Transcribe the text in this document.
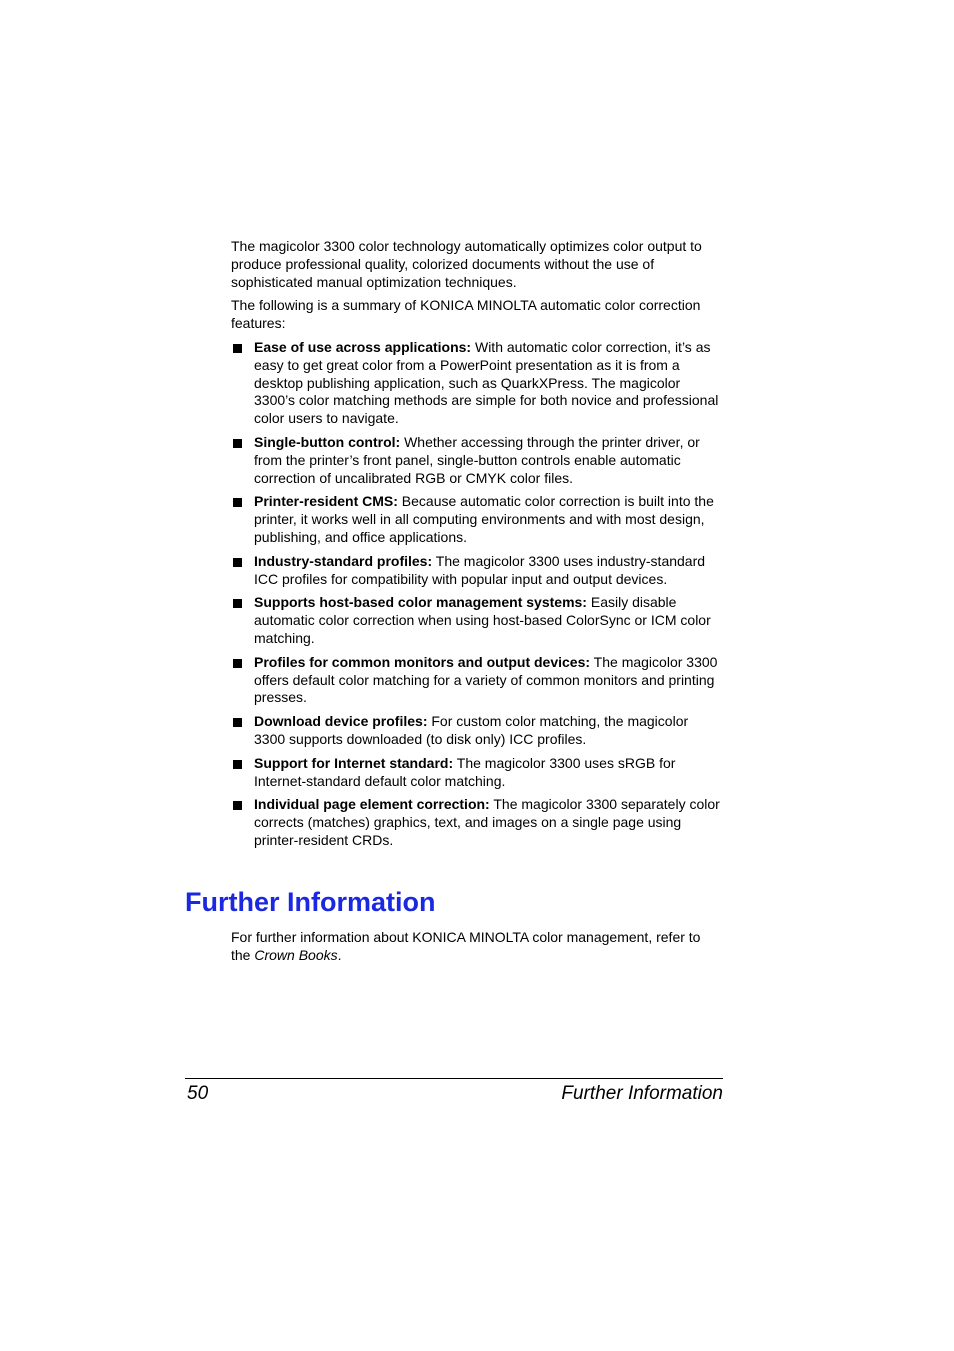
The magicolor 3300 color technology automatically optimizes color output to produce professional quality, colorized documents without the use of sophisticated manual optimization techniques.

The following is a summary of KONICA MINOLTA automatic color correction features:

Ease of use across applications: With automatic color correction, it’s as easy to get great color from a PowerPoint presentation as it is from a desktop publishing application, such as QuarkXPress. The magicolor 3300’s color matching methods are simple for both novice and professional color users to navigate.
Single-button control: Whether accessing through the printer driver, or from the printer’s front panel, single-button controls enable automatic correction of uncalibrated RGB or CMYK color files.
Printer-resident CMS: Because automatic color correction is built into the printer, it works well in all computing environments and with most design, publishing, and office applications.
Industry-standard profiles: The magicolor 3300 uses industry-standard ICC profiles for compatibility with popular input and output devices.
Supports host-based color management systems: Easily disable automatic color correction when using host-based ColorSync or ICM color matching.
Profiles for common monitors and output devices: The magicolor 3300 offers default color matching for a variety of common monitors and printing presses.
Download device profiles: For custom color matching, the magicolor 3300 supports downloaded (to disk only) ICC profiles.
Support for Internet standard: The magicolor 3300 uses sRGB for Internet-standard default color matching.
Individual page element correction: The magicolor 3300 separately color corrects (matches) graphics, text, and images on a single page using printer-resident CRDs.
Further Information

For further information about KONICA MINOLTA color management, refer to the Crown Books.

50	Further Information
